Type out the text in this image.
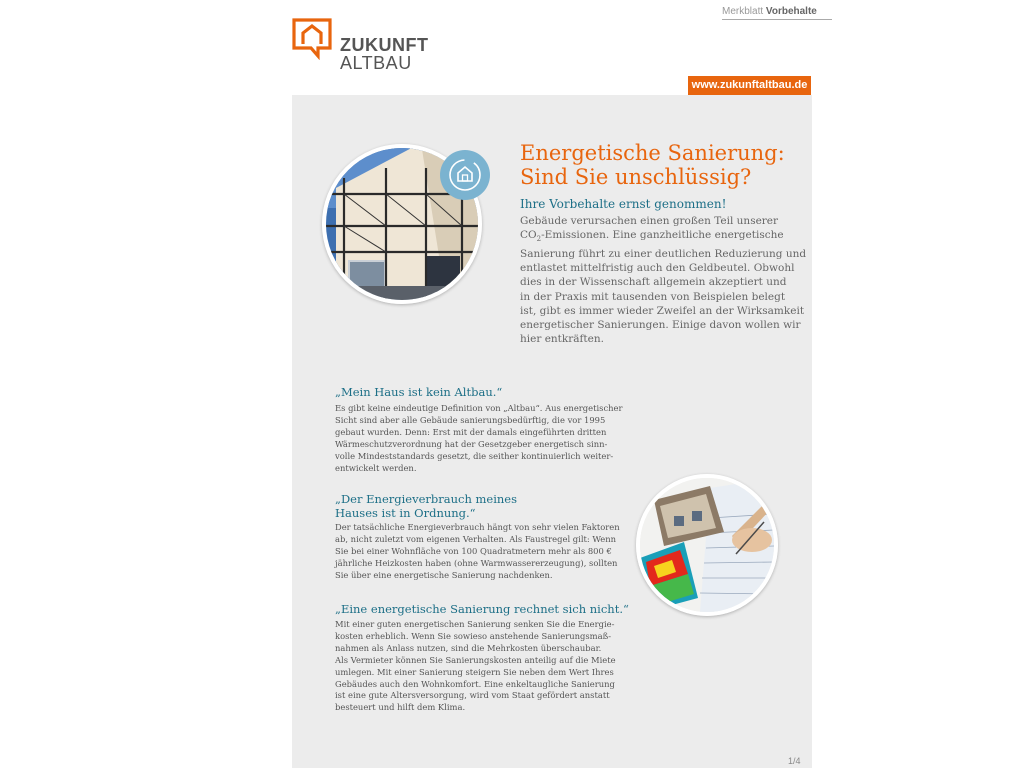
Merkblatt Vorbehalte
ZUKUNFT
ALTBAU
www.zukunftaltbau.de
Energetische Sanierung:
Sind Sie unschlüssig?
Ihre Vorbehalte ernst genommen!
Gebäude verursachen einen großen Teil unserer
$CO_2$-Emissionen. Eine ganzheitliche energetische
Sanierung führt zu einer deutlichen Reduzierung und
entlastet mittelfristig auch den Geldbeutel. Obwohl
dies in der Wissenschaft allgemein akzeptiert und
in der Praxis mit tausenden von Beispielen belegt
ist, gibt es immer wieder Zweifel an der Wirksamkeit
energetischer Sanierungen. Einige davon wollen wir
hier entkräften.
„Mein Haus ist kein Altbau.“
Es gibt keine eindeutige Definition von „Altbau“. Aus energetischer
Sicht sind aber alle Gebäude sanierungsbedürftig, die vor 1995
gebaut wurden. Denn: Erst mit der damals eingeführten dritten
Wärmeschutzverordnung hat der Gesetzgeber energetisch sinn-
volle Mindeststandards gesetzt, die seither kontinuierlich weiter-
entwickelt werden.
„Der Energieverbrauch meines
Hauses ist in Ordnung.“
Der tatsächliche Energieverbrauch hängt von sehr vielen Faktoren
ab, nicht zuletzt vom eigenen Verhalten. Als Faustregel gilt: Wenn
Sie bei einer Wohnfläche von 100 Quadratmetern mehr als 800 €
jährliche Heizkosten haben (ohne Warmwassererzeugung), sollten
Sie über eine energetische Sanierung nachdenken.
„Eine energetische Sanierung rechnet sich nicht.“
Mit einer guten energetischen Sanierung senken Sie die Energie-
kosten erheblich. Wenn Sie sowieso anstehende Sanierungsmaß-
nahmen als Anlass nutzen, sind die Mehrkosten überschaubar.
Als Vermieter können Sie Sanierungskosten anteilig auf die Miete
umlegen. Mit einer Sanierung steigern Sie neben dem Wert Ihres
Gebäudes auch den Wohnkomfort. Eine enkeltaugliche Sanierung
ist eine gute Altersversorgung, wird vom Staat gefördert anstatt
besteuert und hilft dem Klima.
1/4
